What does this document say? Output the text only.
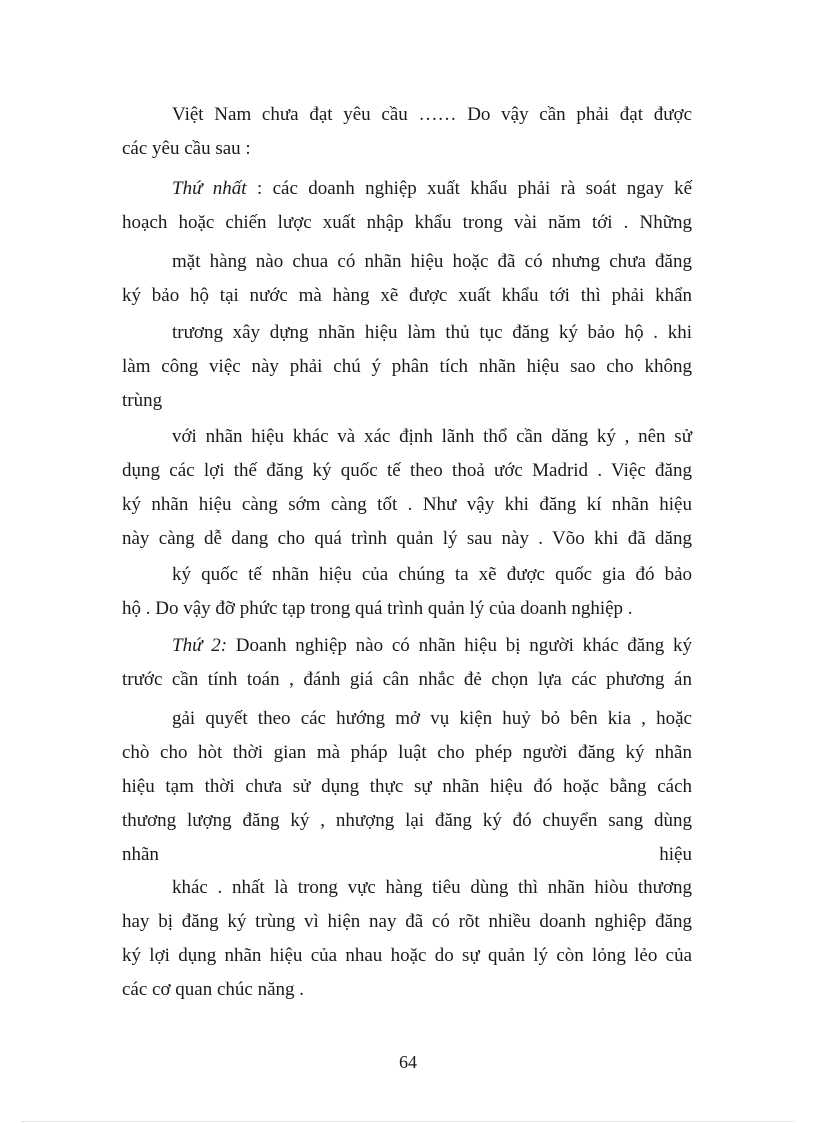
Việt Nam chưa đạt yêu cầu …… Do vậy cần phải đạt được
các yêu cầu sau :
Thứ nhất : các doanh nghiệp xuất khẩu phải rà soát ngay kế
hoạch hoặc chiến lược xuất nhập khẩu trong vài năm tới . Những
mặt hàng nào chua có nhãn hiệu hoặc đã có nhưng chưa đăng
ký bảo hộ tại nước mà hàng xẽ được xuất khẩu tới thì phải khẩn
trương xây dựng nhãn hiệu làm thủ tục đăng ký bảo hộ . khi
làm công việc này phải chú ý phân tích nhãn hiệu sao cho không
trùng
với nhãn hiệu khác và xác định lãnh thổ cần dăng ký , nên sử
dụng các lợi thế đăng ký quốc tế theo thoả ước Madrid . Việc đăng
ký nhãn hiệu càng sớm càng tốt . Như vậy khi đăng kí nhãn hiệu
này càng dễ dang cho quá trình quản lý sau này . Võo khi đã dăng
ký quốc tế nhãn hiệu của chúng ta xẽ được quốc gia đó bảo
hộ . Do vậy đỡ phức tạp trong quá trình quản lý của doanh nghiệp .
Thứ 2: Doanh nghiệp nào có nhãn hiệu bị người khác đăng ký
trước cần tính toán , đánh giá cân nhắc đẻ chọn lựa các phương án
gải quyết theo các hướng mở vụ kiện huỷ bỏ bên kia , hoặc
chò cho hòt thời gian mà pháp luật cho phép người đăng ký nhãn
hiệu tạm thời chưa sử dụng thực sự nhãn hiệu đó hoặc bằng cách
thương lượng đăng ký , nhượng lại đăng ký đó chuyển sang dùng
nhãn	hiệu
khác . nhất là trong vực hàng tiêu dùng thì nhãn hiòu thương
hay bị đăng ký trùng vì hiện nay đã có rõt nhiều doanh nghiệp đăng
ký lợi dụng nhãn hiệu của nhau hoặc do sự quản lý còn lỏng lẻo của
các cơ quan chúc năng .
64
